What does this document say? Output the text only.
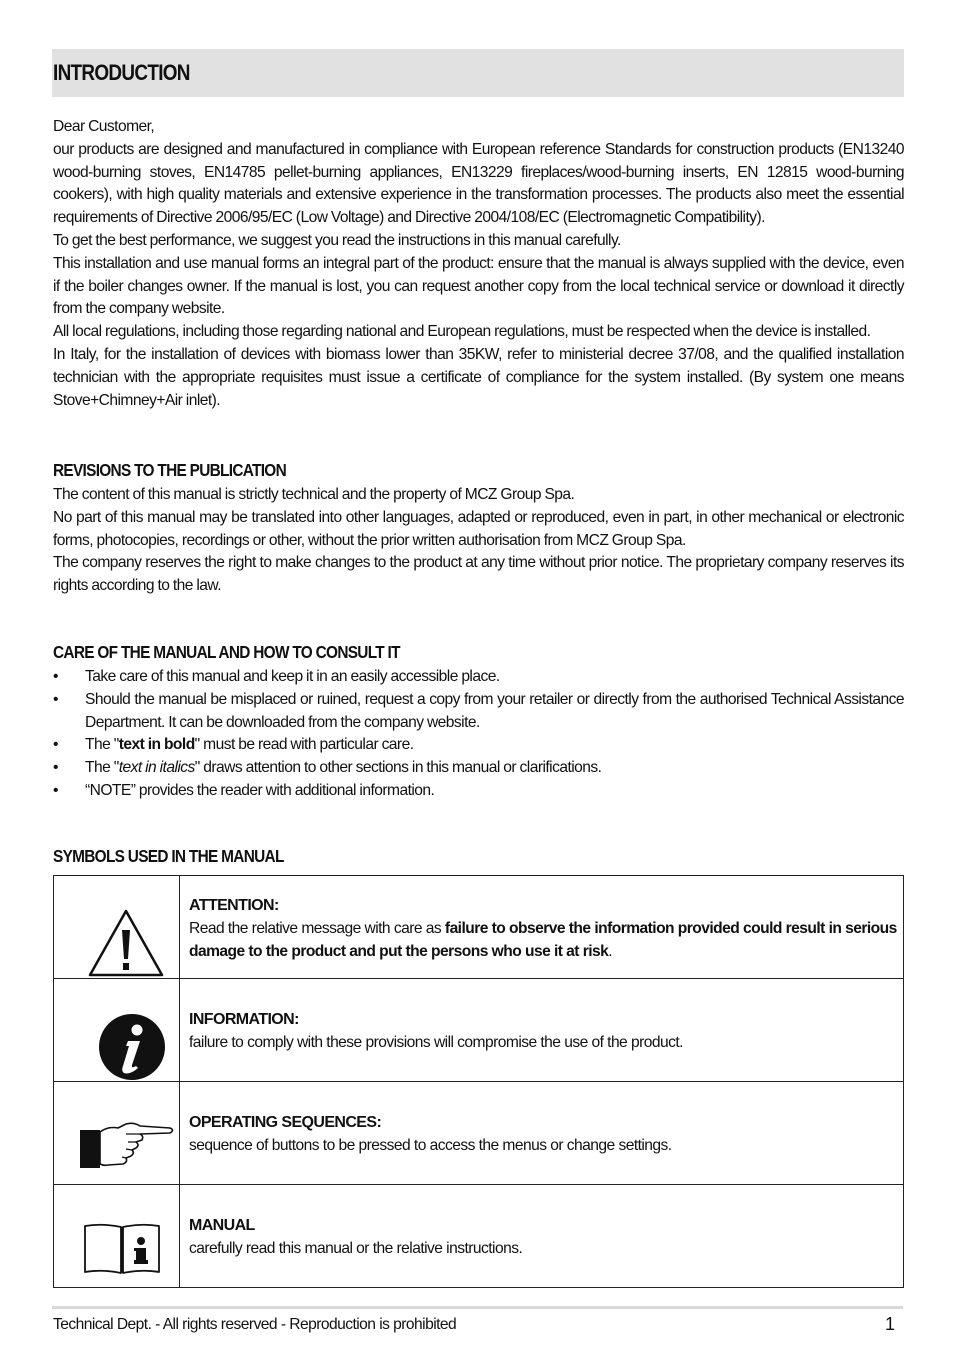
INTRODUCTION

Dear Customer,

our products are designed and manufactured in compliance with European reference Standards for construction products (EN13240 wood-burning stoves, EN14785 pellet-burning appliances, EN13229 fireplaces/wood-burning inserts, EN 12815 wood-burning cookers), with high quality materials and extensive experience in the transformation processes. The products also meet the essential requirements of Directive 2006/95/EC (Low Voltage) and Directive 2004/108/EC (Electromagnetic Compatibility).

To get the best performance, we suggest you read the instructions in this manual carefully.

This installation and use manual forms an integral part of the product: ensure that the manual is always supplied with the device, even if the boiler changes owner. If the manual is lost, you can request another copy from the local technical service or download it directly from the company website.

All local regulations, including those regarding national and European regulations, must be respected when the device is installed.

In Italy, for the installation of devices with biomass lower than 35KW, refer to ministerial decree 37/08, and the qualified installation technician with the appropriate requisites must issue a certificate of compliance for the system installed. (By system one means Stove+Chimney+Air inlet).

REVISIONS TO THE PUBLICATION

The content of this manual is strictly technical and the property of MCZ Group Spa.

No part of this manual may be translated into other languages, adapted or reproduced, even in part, in other mechanical or electronic forms, photocopies, recordings or other, without the prior written authorisation from MCZ Group Spa.

The company reserves the right to make changes to the product at any time without prior notice. The proprietary company reserves its rights according to the law.

CARE OF THE MANUAL AND HOW TO CONSULT IT
• Take care of this manual and keep it in an easily accessible place.
• Should the manual be misplaced or ruined, request a copy from your retailer or directly from the authorised Technical Assistance Department. It can be downloaded from the company website.
• The "text in bold" must be read with particular care.
• The "text in italics" draws attention to other sections in this manual or clarifications.
• “NOTE” provides the reader with additional information.
SYMBOLS USED IN THE MANUAL

ATTENTION:
Read the relative message with care as failure to observe the information provided could result in serious damage to the product and put the persons who use it at risk.

INFORMATION:
failure to comply with these provisions will compromise the use of the product.

OPERATING SEQUENCES:
sequence of buttons to be pressed to access the menus or change settings.

MANUAL
carefully read this manual or the relative instructions.
Technical Dept. - All rights reserved - Reproduction is prohibited	1
